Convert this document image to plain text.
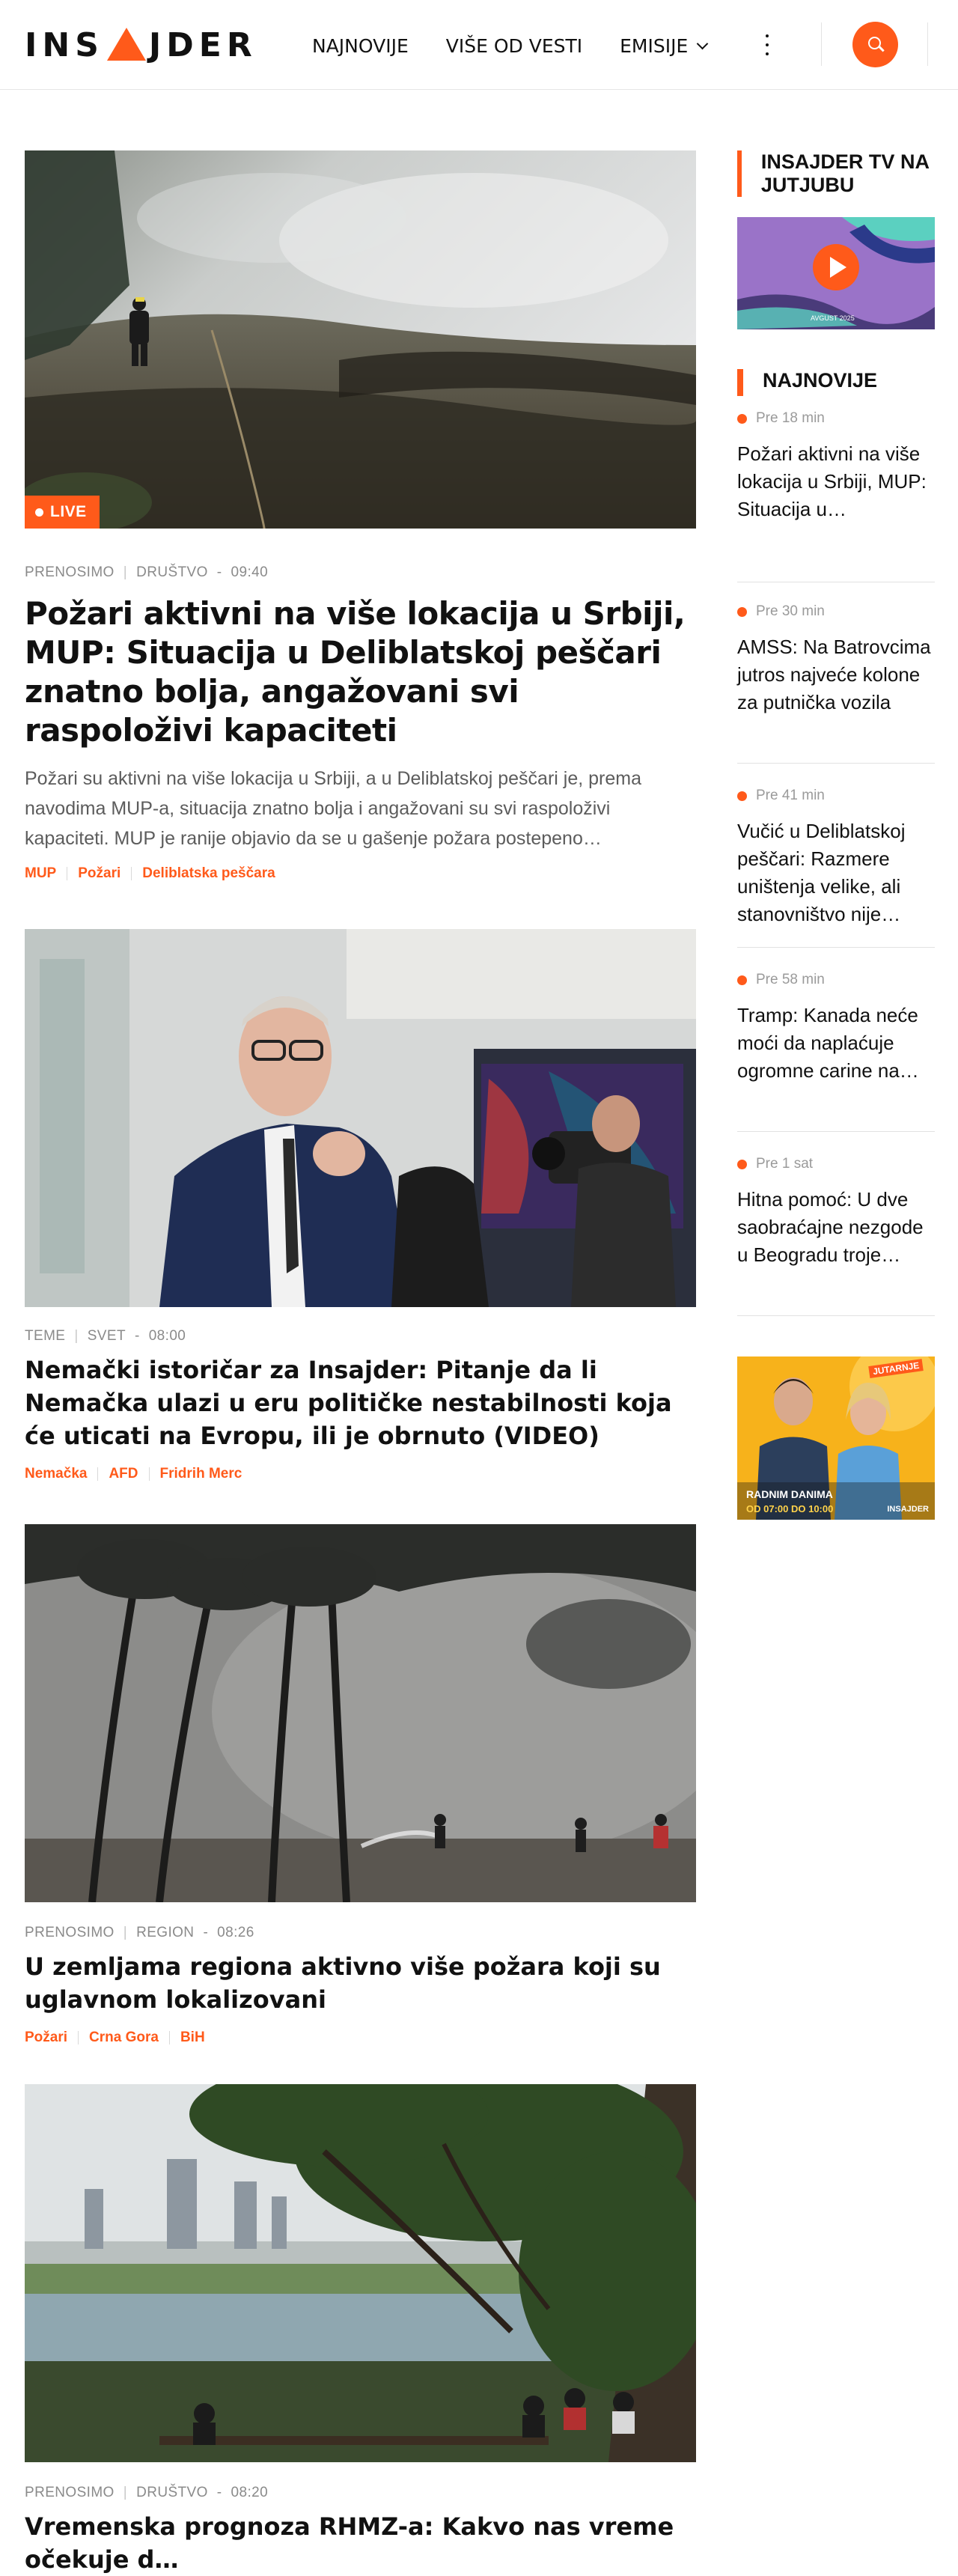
INS JDER	NAJNOVIJE VIŠE OD VESTI EMISIJE
LIVE
PRENOSIMO | DRUŠTVO - 09:40
Požari aktivni na više lokacija u Srbiji, MUP: Situacija u Deliblatskoj peščari znatno bolja, angažovani svi raspoloživi kapaciteti

Požari su aktivni na više lokacija u Srbiji, a u Deliblatskoj peščari je, prema navodima MUP-a, situacija znatno bolja i angažovani su svi raspoloživi kapaciteti. MUP je ranije objavio da se u gašenje požara postepeno…

MUP Požari Deliblatska peščara
TEME | SVET - 08:00
Nemački istoričar za Insajder: Pitanje da li Nemačka ulazi u eru političke nestabilnosti koja će uticati na Evropu, ili je obrnuto (VIDEO)
Nemačka AFD Fridrih Merc
PRENOSIMO | REGION - 08:26
U zemljama regiona aktivno više požara koji su uglavnom lokalizovani
Požari Crna Gora BiH
PRENOSIMO | DRUŠTVO - 08:20
Vremenska prognoza RHMZ-a: Kakvo nas vreme očekuje d…
INSAJDER TV NA JUTJUBU
AVGUST 2025
NAJNOVIJE
Pre 18 min
Požari aktivni na više lokacija u Srbiji, MUP: Situacija u…
Pre 30 min
AMSS: Na Batrovcima jutros najveće kolone za putnička vozila
Pre 41 min
Vučić u Deliblatskoj peščari: Razmere uništenja velike, ali stanovništvo nije…
Pre 58 min
Tramp: Kanada neće moći da naplaćuje ogromne carine na…
Pre 1 sat
Hitna pomoć: U dve saobraćajne nezgode u Beogradu troje…
JUTARNJE
RADNIM DANIMA
OD 07:00 DO 10:00	INSAJDER
